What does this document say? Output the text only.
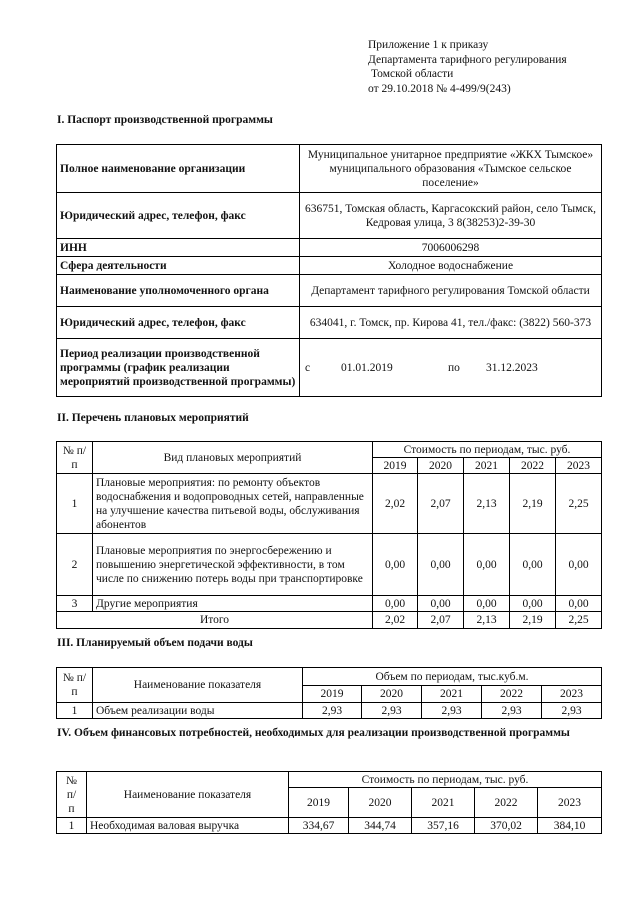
Приложение 1 к приказу
Департамента тарифного регулирования
Томской области
от 29.10.2018 № 4-499/9(243)
I. Паспорт производственной программы
Полное наименование организации	Муниципальное унитарное предприятие «ЖКХ Тымское» муниципального образования «Тымское сельское поселение»
Юридический адрес, телефон, факс	636751, Томская область, Каргасокский район, село Тымск, Кедровая улица, 3 8(38253)2-39-30
ИНН	7006006298
Сфера деятельности	Холодное водоснабжение
Наименование уполномоченного органа	Департамент тарифного регулирования Томской области
Юридический адрес, телефон, факс	634041, г. Томск, пр. Кирова 41, тел./факс: (3822) 560-373
Период реализации производственной программы (график реализации мероприятий производственной программы)	с 01.01.2019 по 31.12.2023
II. Перечень плановых мероприятий
№ п/п	Вид плановых мероприятий	Стоимость по периодам, тыс. руб.				
		2019	2020	2021	2022	2023
1	Плановые мероприятия: по ремонту объектов водоснабжения и водопроводных сетей, направленные на улучшение качества питьевой воды, обслуживания абонентов	2,02	2,07	2,13	2,19	2,25
2	Плановые мероприятия по энергосбережению и повышению энергетической эффективности, в том числе по снижению потерь воды при транспортировке	0,00	0,00	0,00	0,00	0,00
3	Другие мероприятия	0,00	0,00	0,00	0,00	0,00
Итого		2,02	2,07	2,13	2,19	2,25
III. Планируемый объем подачи воды
№ п/п	Наименование показателя	Объем по периодам, тыс.куб.м.				
		2019	2020	2021	2022	2023
1	Объем реализации воды	2,93	2,93	2,93	2,93	2,93
IV. Объем финансовых потребностей, необходимых для реализации производственной программы
№
п/
п	Наименование показателя	Стоимость по периодам, тыс. руб.				
		2019	2020	2021	2022	2023
1	Необходимая валовая выручка	334,67	344,74	357,16	370,02	384,10
